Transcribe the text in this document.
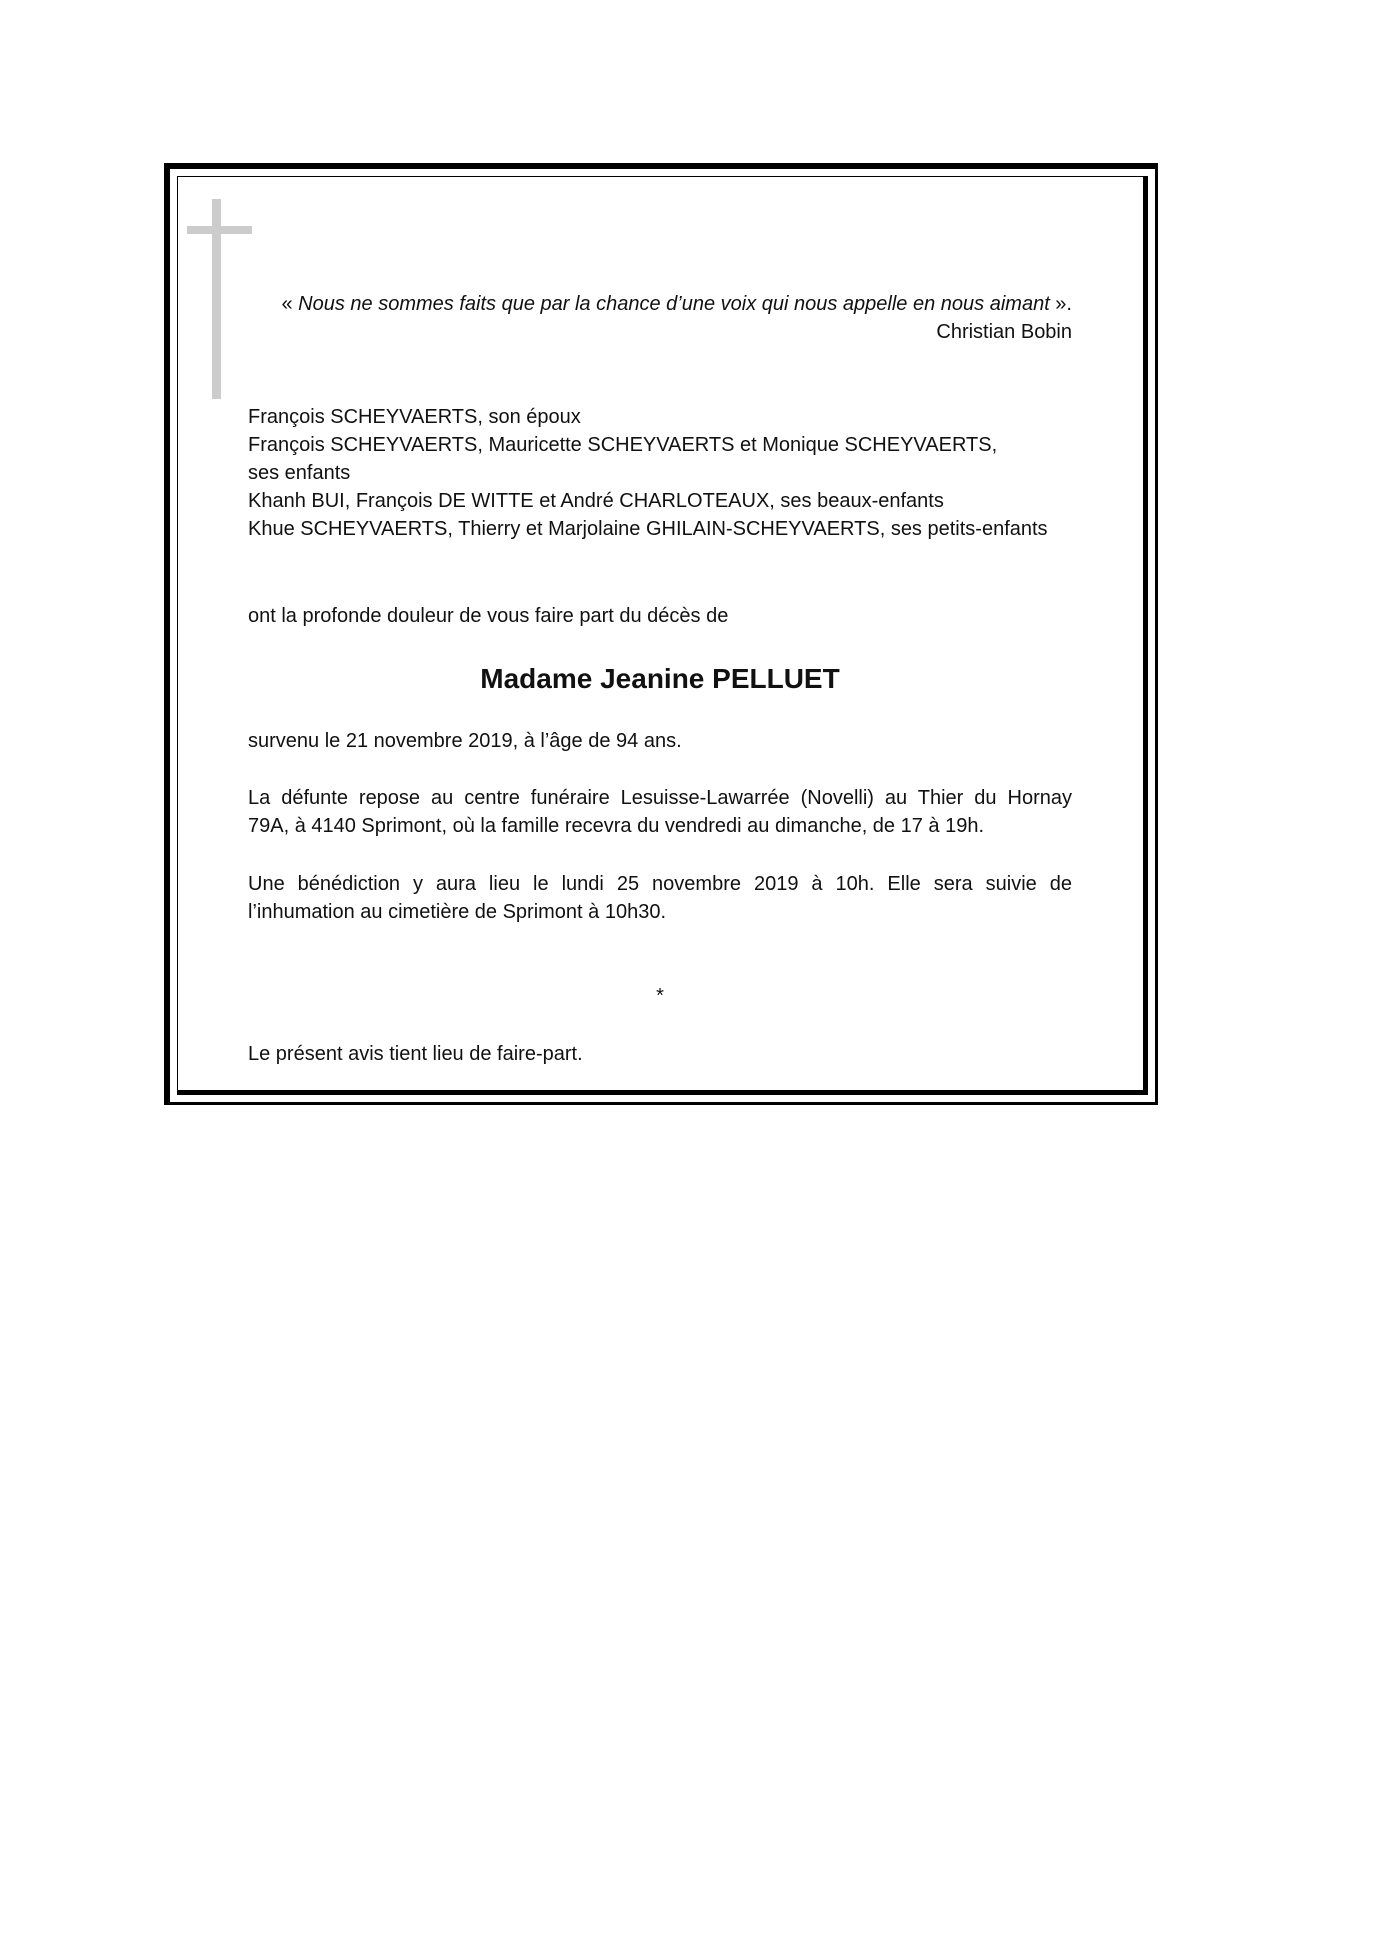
« Nous ne sommes faits que par la chance d’une voix qui nous appelle en nous aimant ».
Christian Bobin
François SCHEYVAERTS, son époux
François SCHEYVAERTS, Mauricette SCHEYVAERTS et Monique SCHEYVAERTS,
ses enfants
Khanh BUI, François DE WITTE et André CHARLOTEAUX, ses beaux-enfants
Khue SCHEYVAERTS, Thierry et Marjolaine GHILAIN-SCHEYVAERTS, ses petits-enfants
ont la profonde douleur de vous faire part du décès de
Madame Jeanine PELLUET
survenu le 21 novembre 2019, à l’âge de 94 ans.
La défunte repose au centre funéraire Lesuisse-Lawarrée (Novelli) au Thier du Hornay
79A, à 4140 Sprimont, où la famille recevra du vendredi au dimanche, de 17 à 19h.
Une bénédiction y aura lieu le lundi 25 novembre 2019 à 10h. Elle sera suivie de
l’inhumation au cimetière de Sprimont à 10h30.
*
Le présent avis tient lieu de faire-part.
